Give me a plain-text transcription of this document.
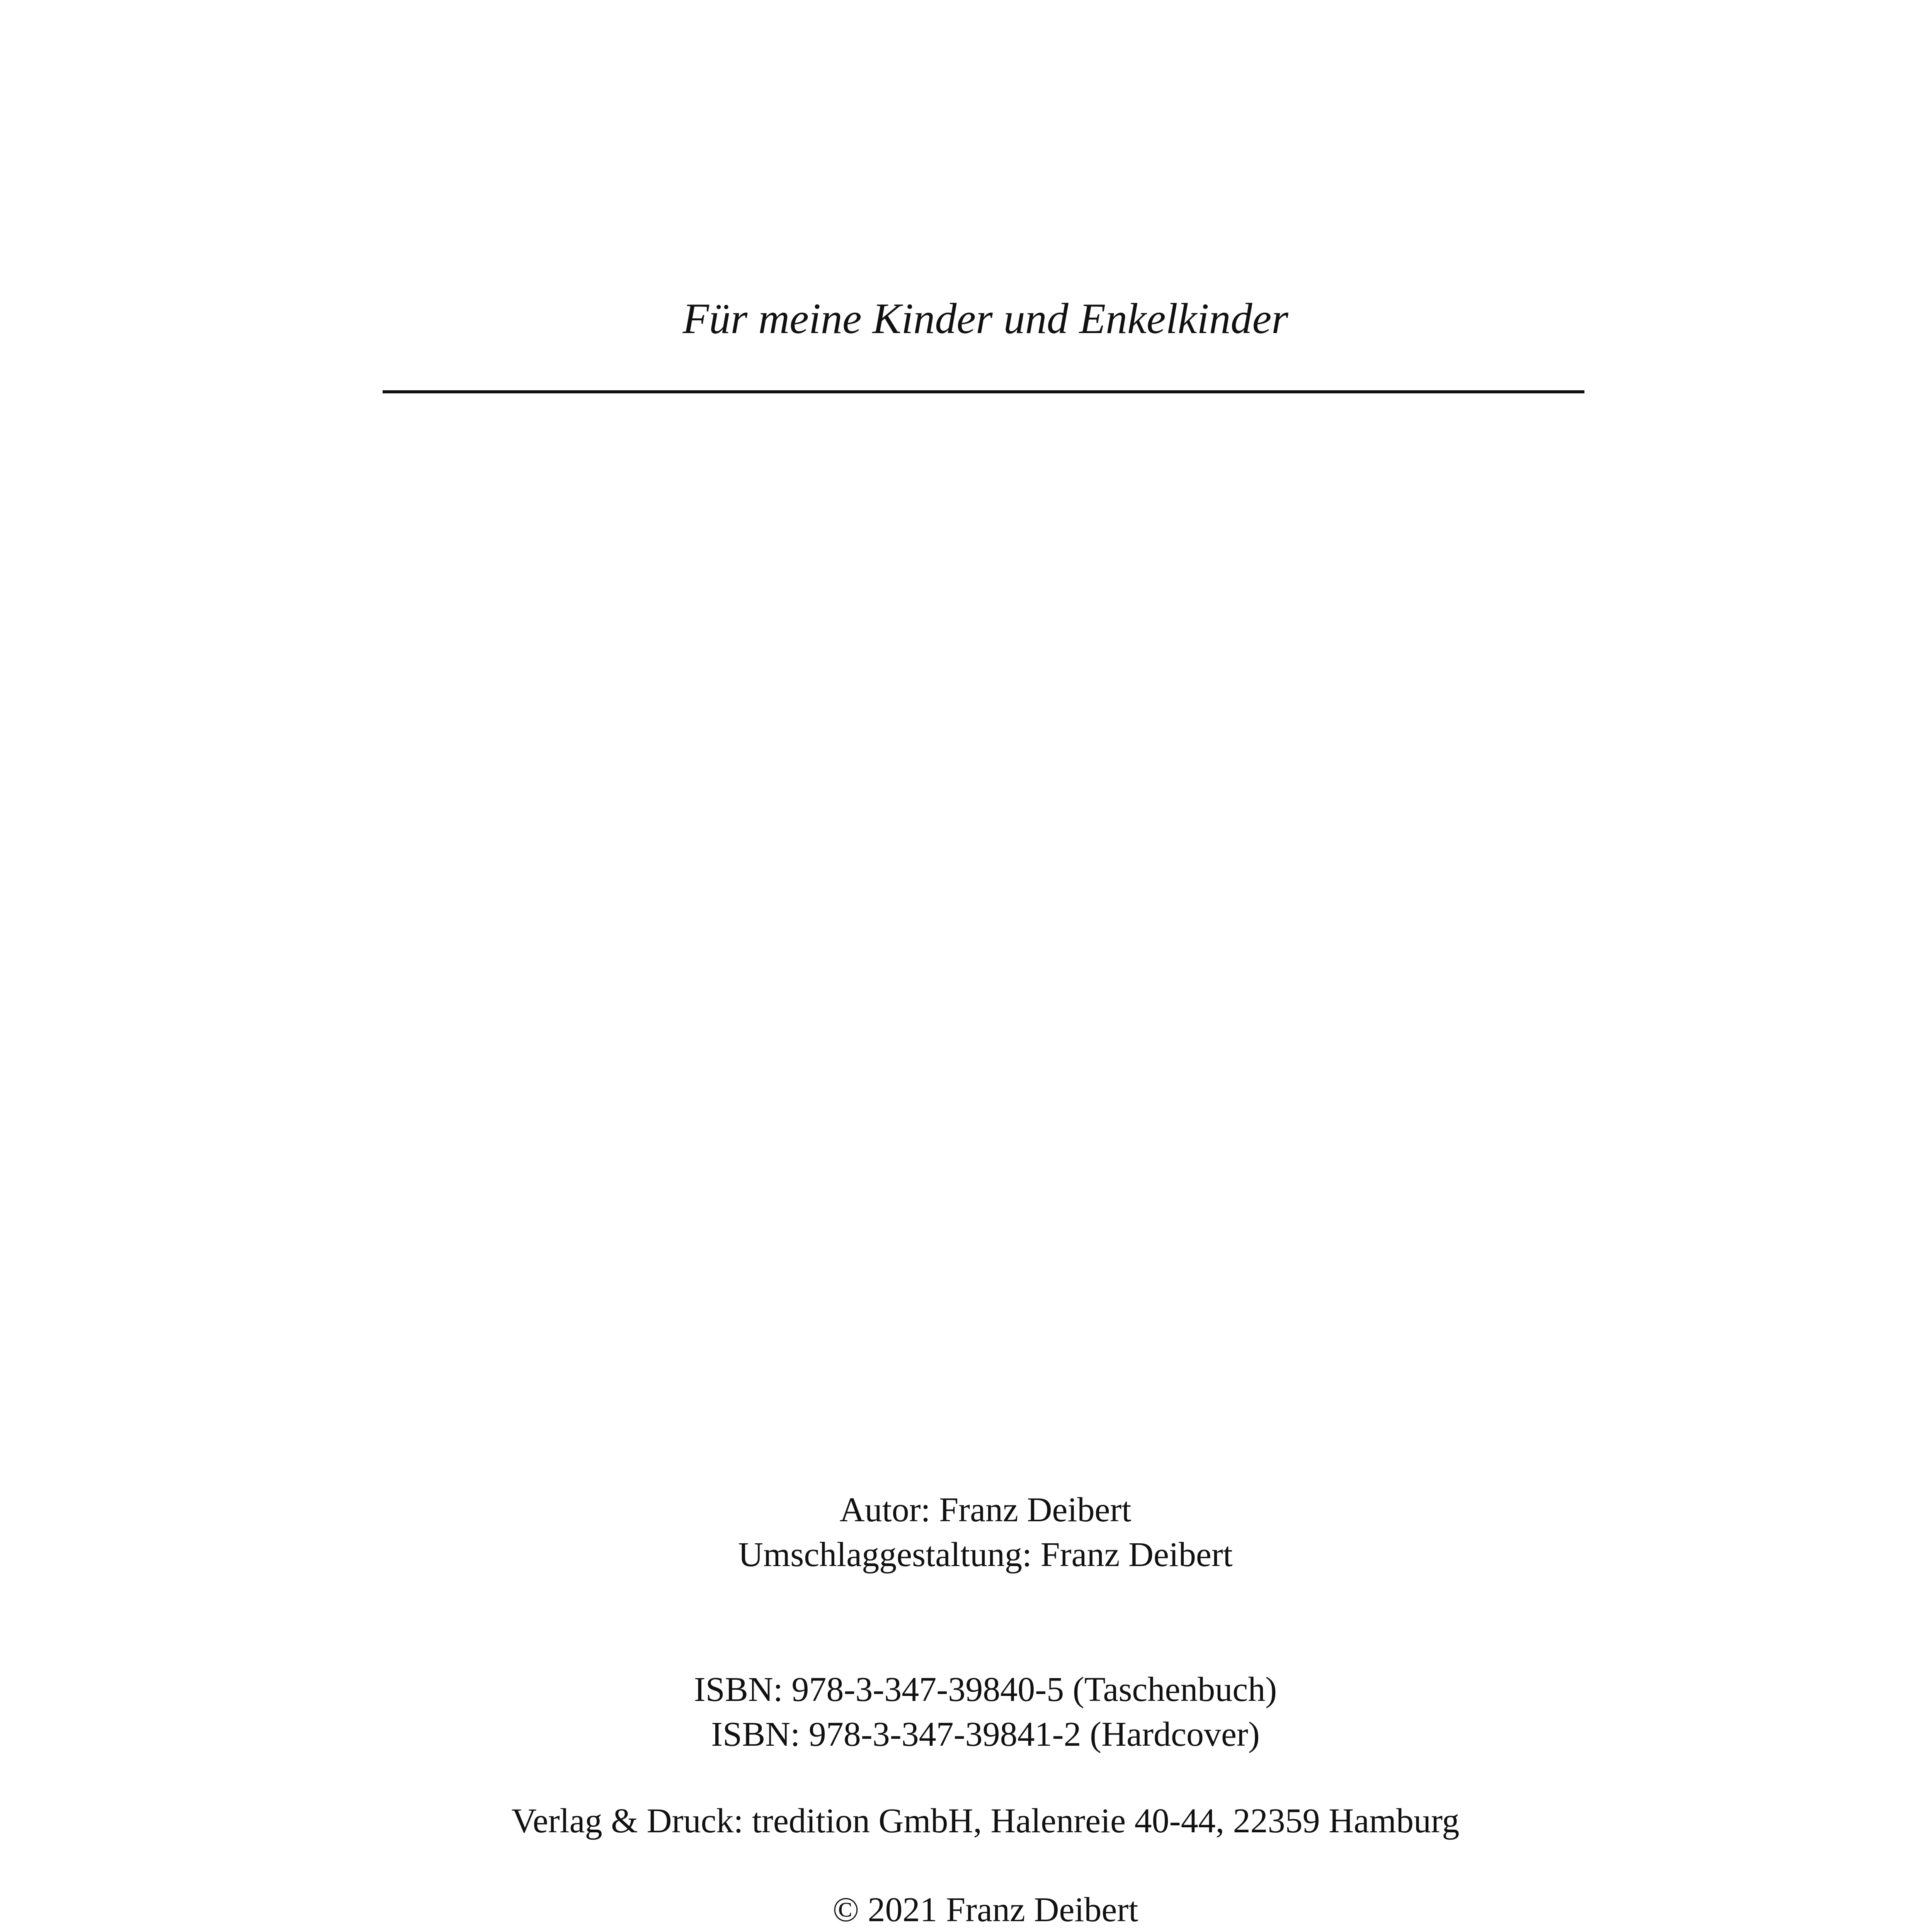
Für meine Kinder und Enkelkinder
Autor: Franz Deibert
Umschlaggestaltung: Franz Deibert
ISBN: 978-3-347-39840-5 (Taschenbuch)
ISBN: 978-3-347-39841-2 (Hardcover)
Verlag & Druck: tredition GmbH, Halenreie 40-44, 22359 Hamburg
© 2021 Franz Deibert
